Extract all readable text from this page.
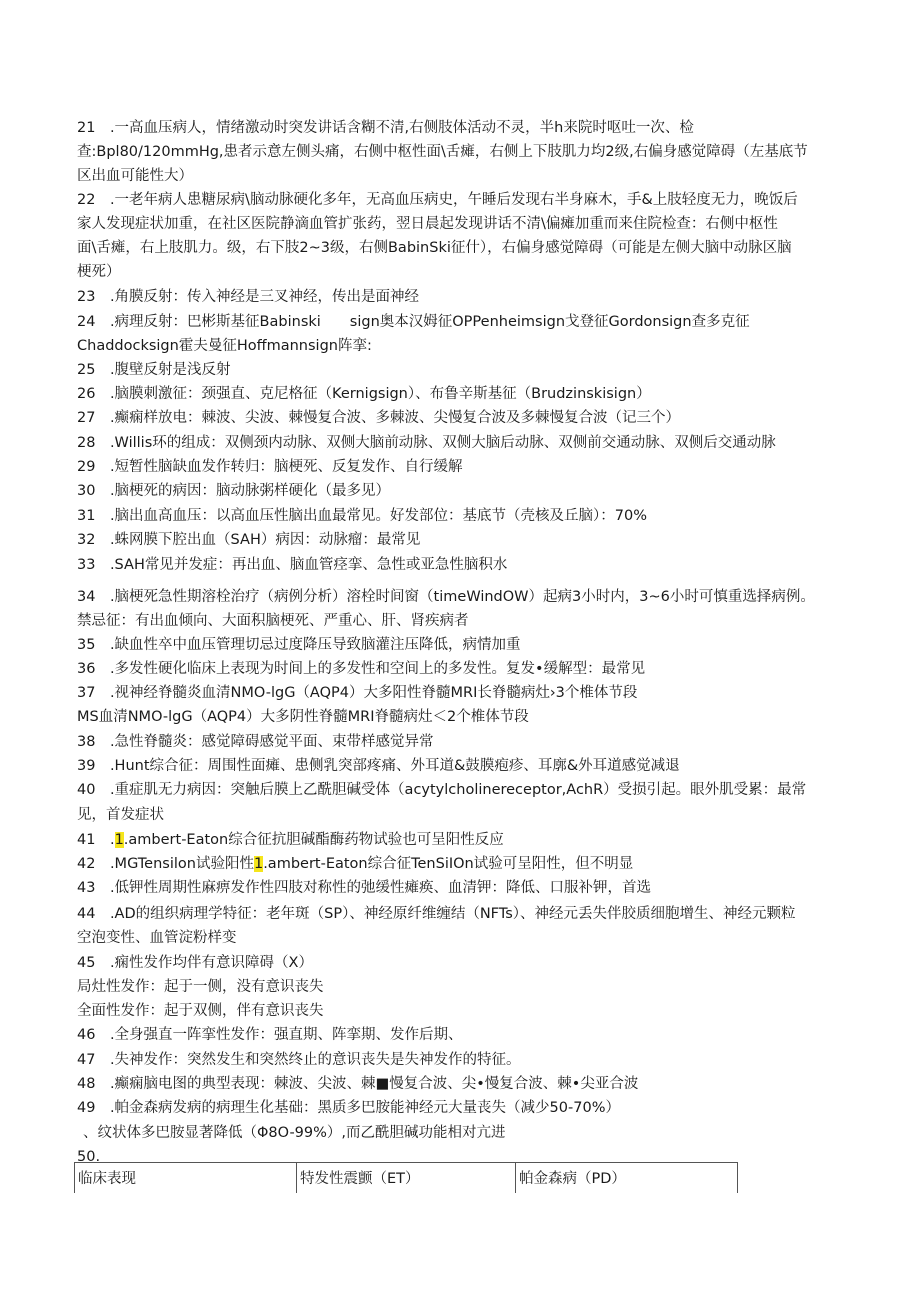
21　.一高血压病人，情绪激动时突发讲话含糊不清,右侧肢体活动不灵，半h来院时呕吐一次、检
查:Bpl80/120mmHg,患者示意左侧头痛，右侧中枢性面\舌瘫，右侧上下肢肌力均2级,右偏身感觉障碍（左基底节
区出血可能性大）
22　.一老年病人患糖尿病\脑动脉硬化多年，无高血压病史，午睡后发现右半身麻木，手&上肢轻度无力，晚饭后
家人发现症状加重，在社区医院静滴血管扩张药，翌日晨起发现讲话不清\偏瘫加重而来住院检查：右侧中枢性
面\舌瘫，右上肢肌力。级，右下肢2~3级，右侧BabinSki征什），右偏身感觉障碍（可能是左侧大脑中动脉区脑
梗死）
23　.角膜反射：传入神经是三叉神经，传出是面神经
24　.病理反射：巴彬斯基征Babinski　　sign奥本汉姆征OPPenheimsign戈登征Gordonsign查多克征
Chaddocksign霍夫曼征Hoffmannsign阵挛:
25　.腹壁反射是浅反射
26　.脑膜刺激征：颈强直、克尼格征（Kernigsign）、布鲁辛斯基征（Brudzinskisign）
27　.癫痫样放电：棘波、尖波、棘慢复合波、多棘波、尖慢复合波及多棘慢复合波（记三个）
28　.Willis环的组成：双侧颈内动脉、双侧大脑前动脉、双侧大脑后动脉、双侧前交通动脉、双侧后交通动脉
29　.短暂性脑缺血发作转归：脑梗死、反复发作、自行缓解
30　.脑梗死的病因：脑动脉粥样硬化（最多见）
31　.脑出血高血压：以高血压性脑出血最常见。好发部位：基底节（壳核及丘脑）：70%
32　.蛛网膜下腔出血（SAH）病因：动脉瘤：最常见
33　.SAH常见并发症：再出血、脑血管痉挛、急性或亚急性脑积水
34　.脑梗死急性期溶栓治疗（病例分析）溶栓时间窗（timeWindOW）起病3小时内，3~6小时可慎重选择病例。
禁忌征：有出血倾向、大面积脑梗死、严重心、肝、肾疾病者
35　.缺血性卒中血压管理切忌过度降压导致脑灌注压降低，病情加重
36　.多发性硬化临床上表现为时间上的多发性和空间上的多发性。复发•缓解型：最常见
37　.视神经脊髓炎血清NMO-lgG（AQP4）大多阳性脊髓MRI长脊髓病灶›3个椎体节段
MS血清NMO-lgG（AQP4）大多阴性脊髓MRI脊髓病灶＜2个椎体节段
38　.急性脊髓炎：感觉障碍感觉平面、束带样感觉异常
39　.Hunt综合征：周围性面瘫、患侧乳突部疼痛、外耳道&鼓膜疱疹、耳廓&外耳道感觉减退
40　.重症肌无力病因：突触后膜上乙酰胆碱受体（acytylcholinereceptor,AchR）受损引起。眼外肌受累：最常
见，首发症状
41　.1.ambert-Eaton综合征抗胆碱酯酶药物试验也可呈阳性反应
42　.MGTensilon试验阳性1.ambert-Eaton综合征TenSiIOn试验可呈阳性，但不明显
43　.低钾性周期性麻痹发作性四肢对称性的弛缓性瘫痪、血清钾：降低、口服补钾，首选
44　.AD的组织病理学特征：老年斑（SP）、神经原纤维缠结（NFTs）、神经元丢失伴胶质细胞增生、神经元颗粒
空泡变性、血管淀粉样变
45　.痫性发作均伴有意识障碍（X）
局灶性发作：起于一侧，没有意识丧失
全面性发作：起于双侧，伴有意识丧失
46　.全身强直一阵挛性发作：强直期、阵挛期、发作后期、
47　.失神发作：突然发生和突然终止的意识丧失是失神发作的特征。
48　.癫痫脑电图的典型表现：棘波、尖波、棘■慢复合波、尖•慢复合波、棘•尖亚合波
49　.帕金森病发病的病理生化基础：黑质多巴胺能神经元大量丧失（减少50-70%）
、纹状体多巴胺显著降低（Φ8O-99%）,而乙酰胆碱功能相对亢进
50.
临床表现	特发性震颤（ET）	帕金森病（PD）
